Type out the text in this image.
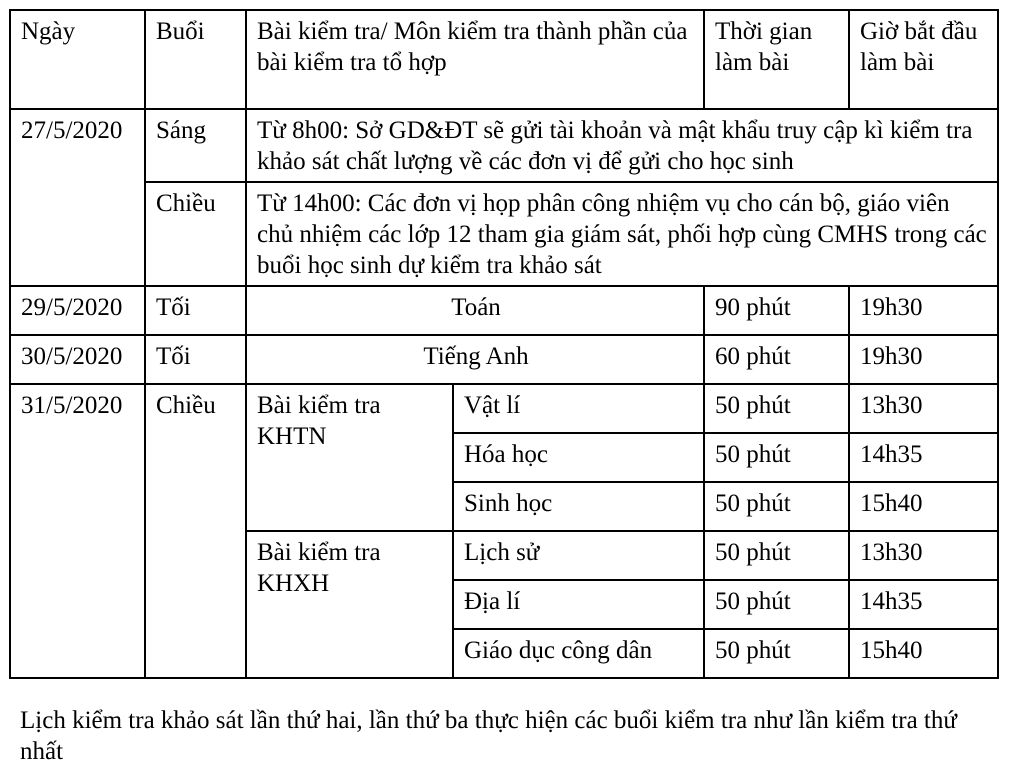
Ngày	Buổi	Bài kiểm tra/ Môn kiểm tra thành phần của bài kiểm tra tổ hợp		Thời gian làm bài	Giờ bắt đầu làm bài
27/5/2020	Sáng	Từ 8h00: Sở GD&ĐT sẽ gửi tài khoản và mật khẩu truy cập kì kiểm tra khảo sát chất lượng về các đơn vị để gửi cho học sinh			
	Chiều	Từ 14h00: Các đơn vị họp phân công nhiệm vụ cho cán bộ, giáo viên chủ nhiệm các lớp 12 tham gia giám sát, phối hợp cùng CMHS trong các buổi học sinh dự kiểm tra khảo sát			
29/5/2020	Tối	Toán		90 phút	19h30
30/5/2020	Tối	Tiếng Anh		60 phút	19h30
31/5/2020	Chiều	Bài kiểm tra KHTN	Vật lí	50 phút	13h30
			Hóa học	50 phút	14h35
			Sinh học	50 phút	15h40
		Bài kiểm tra KHXH	Lịch sử	50 phút	13h30
			Địa lí	50 phút	14h35
			Giáo dục công dân	50 phút	15h40
Lịch kiểm tra khảo sát lần thứ hai, lần thứ ba thực hiện các buổi kiểm tra như lần kiểm tra thứ nhất
